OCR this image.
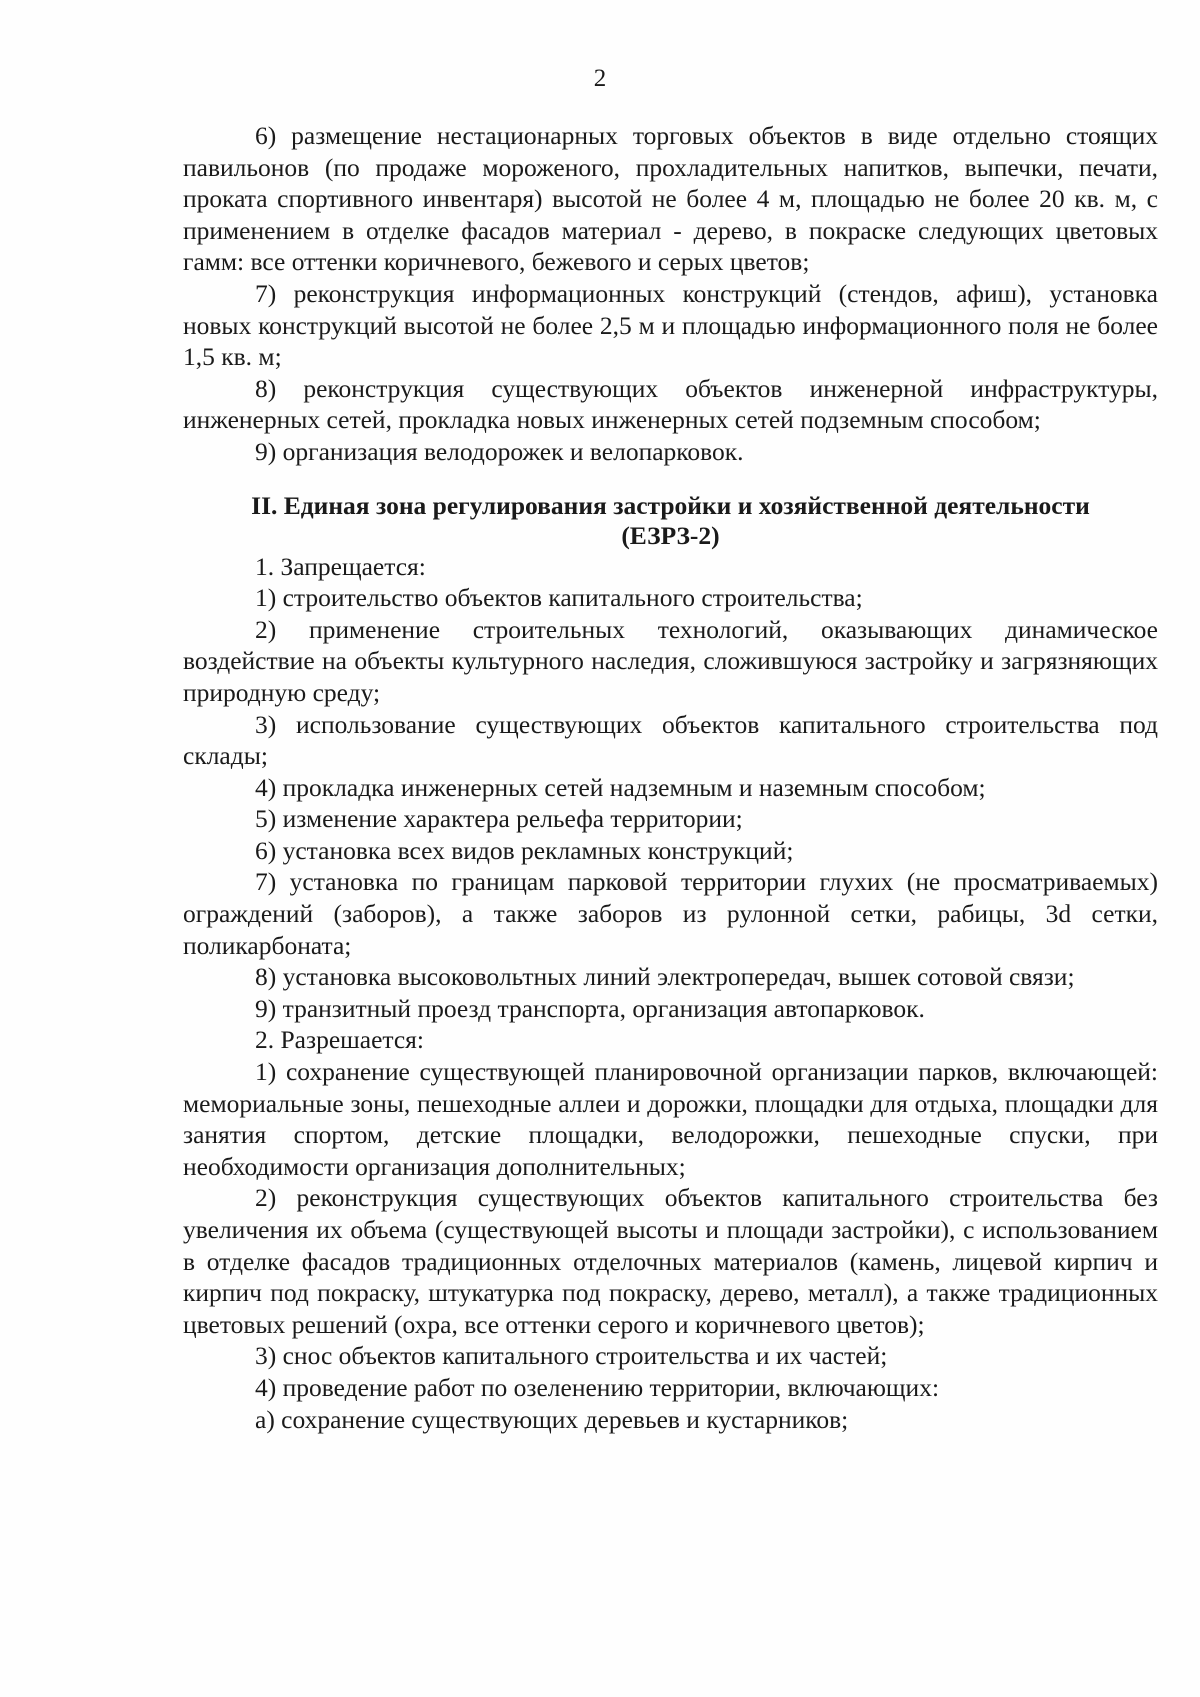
2

6) размещение нестационарных торговых объектов в виде отдельно стоящих павильонов (по продаже мороженого, прохладительных напитков, выпечки, печати, проката спортивного инвентаря) высотой не более 4 м, площадью не более 20 кв. м, с применением в отделке фасадов материал - дерево, в покраске следующих цветовых гамм: все оттенки коричневого, бежевого и серых цветов;

7) реконструкция информационных конструкций (стендов, афиш), установка новых конструкций высотой не более 2,5 м и площадью информационного поля не более 1,5 кв. м;

8) реконструкция существующих объектов инженерной инфраструктуры, инженерных сетей, прокладка новых инженерных сетей подземным способом;

9) организация велодорожек и велопарковок.

II. Единая зона регулирования застройки и хозяйственной деятельности
(ЕЗРЗ-2)

1. Запрещается:

1) строительство объектов капитального строительства;

2) применение строительных технологий, оказывающих динамическое воздействие на объекты культурного наследия, сложившуюся застройку и загрязняющих природную среду;

3) использование существующих объектов капитального строительства под склады;

4) прокладка инженерных сетей надземным и наземным способом;

5) изменение характера рельефа территории;

6) установка всех видов рекламных конструкций;

7) установка по границам парковой территории глухих (не просматриваемых) ограждений (заборов), а также заборов из рулонной сетки, рабицы, 3d сетки, поликарбоната;

8) установка высоковольтных линий электропередач, вышек сотовой связи;

9) транзитный проезд транспорта, организация автопарковок.

2. Разрешается:

1) сохранение существующей планировочной организации парков, включающей: мемориальные зоны, пешеходные аллеи и дорожки, площадки для отдыха, площадки для занятия спортом, детские площадки, велодорожки, пешеходные спуски, при необходимости организация дополнительных;

2) реконструкция существующих объектов капитального строительства без увеличения их объема (существующей высоты и площади застройки), с использованием в отделке фасадов традиционных отделочных материалов (камень, лицевой кирпич и кирпич под покраску, штукатурка под покраску, дерево, металл), а также традиционных цветовых решений (охра, все оттенки серого и коричневого цветов);

3) снос объектов капитального строительства и их частей;

4) проведение работ по озеленению территории, включающих:

а) сохранение существующих деревьев и кустарников;
